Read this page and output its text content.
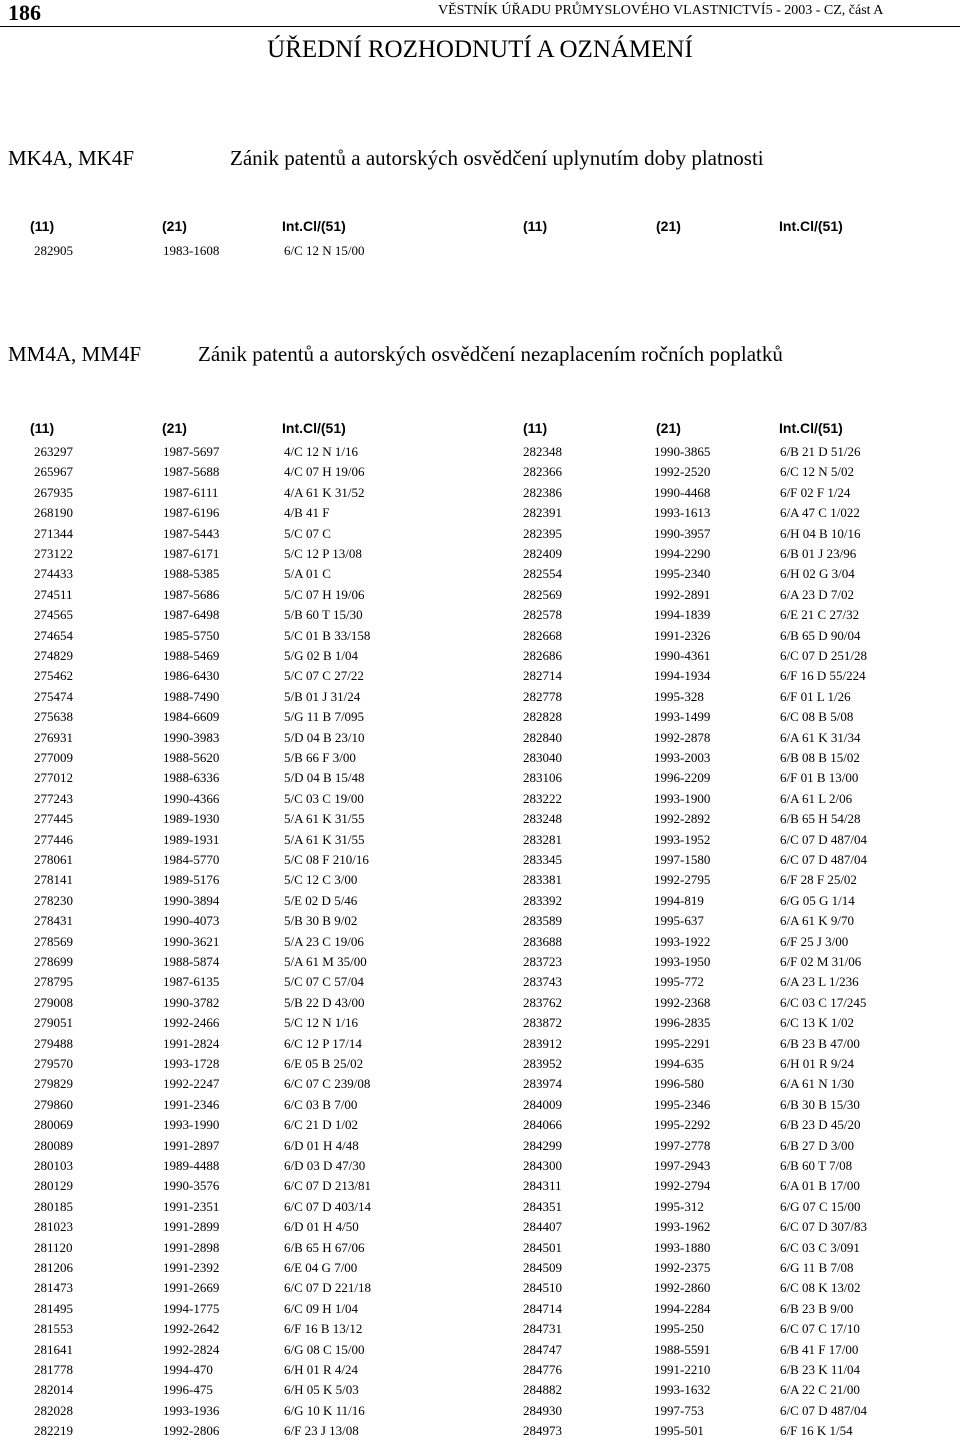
186	VĚSTNÍK ÚŘADU PRŮMYSLOVÉHO VLASTNICTVÍ5 - 2003 - CZ, část A
ÚŘEDNÍ ROZHODNUTÍ A OZNÁMENÍ
MK4A, MK4F	Zánik patentů a autorských osvědčení uplynutím doby platnosti
(11)	(21)	Int.Cl/(51)	(11)	(21)	Int.Cl/(51)
282905	1983-1608	6/C 12 N 15/00
MM4A, MM4F	Zánik patentů a autorských osvědčení nezaplacením ročních poplatků
(11)	(21)	Int.Cl/(51)	(11)	(21)	Int.Cl/(51)
263297	1987-5697	4/C 12 N 1/16	282348	1990-3865	6/B 21 D 51/26
265967	1987-5688	4/C 07 H 19/06	282366	1992-2520	6/C 12 N 5/02
267935	1987-6111	4/A 61 K 31/52	282386	1990-4468	6/F 02 F 1/24
268190	1987-6196	4/B 41 F	282391	1993-1613	6/A 47 C 1/022
271344	1987-5443	5/C 07 C	282395	1990-3957	6/H 04 B 10/16
273122	1987-6171	5/C 12 P 13/08	282409	1994-2290	6/B 01 J 23/96
274433	1988-5385	5/A 01 C	282554	1995-2340	6/H 02 G 3/04
274511	1987-5686	5/C 07 H 19/06	282569	1992-2891	6/A 23 D 7/02
274565	1987-6498	5/B 60 T 15/30	282578	1994-1839	6/E 21 C 27/32
274654	1985-5750	5/C 01 B 33/158	282668	1991-2326	6/B 65 D 90/04
274829	1988-5469	5/G 02 B 1/04	282686	1990-4361	6/C 07 D 251/28
275462	1986-6430	5/C 07 C 27/22	282714	1994-1934	6/F 16 D 55/224
275474	1988-7490	5/B 01 J 31/24	282778	1995-328	6/F 01 L 1/26
275638	1984-6609	5/G 11 B 7/095	282828	1993-1499	6/C 08 B 5/08
276931	1990-3983	5/D 04 B 23/10	282840	1992-2878	6/A 61 K 31/34
277009	1988-5620	5/B 66 F 3/00	283040	1993-2003	6/B 08 B 15/02
277012	1988-6336	5/D 04 B 15/48	283106	1996-2209	6/F 01 B 13/00
277243	1990-4366	5/C 03 C 19/00	283222	1993-1900	6/A 61 L 2/06
277445	1989-1930	5/A 61 K 31/55	283248	1992-2892	6/B 65 H 54/28
277446	1989-1931	5/A 61 K 31/55	283281	1993-1952	6/C 07 D 487/04
278061	1984-5770	5/C 08 F 210/16	283345	1997-1580	6/C 07 D 487/04
278141	1989-5176	5/C 12 C 3/00	283381	1992-2795	6/F 28 F 25/02
278230	1990-3894	5/E 02 D 5/46	283392	1994-819	6/G 05 G 1/14
278431	1990-4073	5/B 30 B 9/02	283589	1995-637	6/A 61 K 9/70
278569	1990-3621	5/A 23 C 19/06	283688	1993-1922	6/F 25 J 3/00
278699	1988-5874	5/A 61 M 35/00	283723	1993-1950	6/F 02 M 31/06
278795	1987-6135	5/C 07 C 57/04	283743	1995-772	6/A 23 L 1/236
279008	1990-3782	5/B 22 D 43/00	283762	1992-2368	6/C 03 C 17/245
279051	1992-2466	5/C 12 N 1/16	283872	1996-2835	6/C 13 K 1/02
279488	1991-2824	6/C 12 P 17/14	283912	1995-2291	6/B 23 B 47/00
279570	1993-1728	6/E 05 B 25/02	283952	1994-635	6/H 01 R 9/24
279829	1992-2247	6/C 07 C 239/08	283974	1996-580	6/A 61 N 1/30
279860	1991-2346	6/C 03 B 7/00	284009	1995-2346	6/B 30 B 15/30
280069	1993-1990	6/C 21 D 1/02	284066	1995-2292	6/B 23 D 45/20
280089	1991-2897	6/D 01 H 4/48	284299	1997-2778	6/B 27 D 3/00
280103	1989-4488	6/D 03 D 47/30	284300	1997-2943	6/B 60 T 7/08
280129	1990-3576	6/C 07 D 213/81	284311	1992-2794	6/A 01 B 17/00
280185	1991-2351	6/C 07 D 403/14	284351	1995-312	6/G 07 C 15/00
281023	1991-2899	6/D 01 H 4/50	284407	1993-1962	6/C 07 D 307/83
281120	1991-2898	6/B 65 H 67/06	284501	1993-1880	6/C 03 C 3/091
281206	1991-2392	6/E 04 G 7/00	284509	1992-2375	6/G 11 B 7/08
281473	1991-2669	6/C 07 D 221/18	284510	1992-2860	6/C 08 K 13/02
281495	1994-1775	6/C 09 H 1/04	284714	1994-2284	6/B 23 B 9/00
281553	1992-2642	6/F 16 B 13/12	284731	1995-250	6/C 07 C 17/10
281641	1992-2824	6/G 08 C 15/00	284747	1988-5591	6/B 41 F 17/00
281778	1994-470	6/H 01 R 4/24	284776	1991-2210	6/B 23 K 11/04
282014	1996-475	6/H 05 K 5/03	284882	1993-1632	6/A 22 C 21/00
282028	1993-1936	6/G 10 K 11/16	284930	1997-753	6/C 07 D 487/04
282219	1992-2806	6/F 23 J 13/08	284973	1995-501	6/F 16 K 1/54
